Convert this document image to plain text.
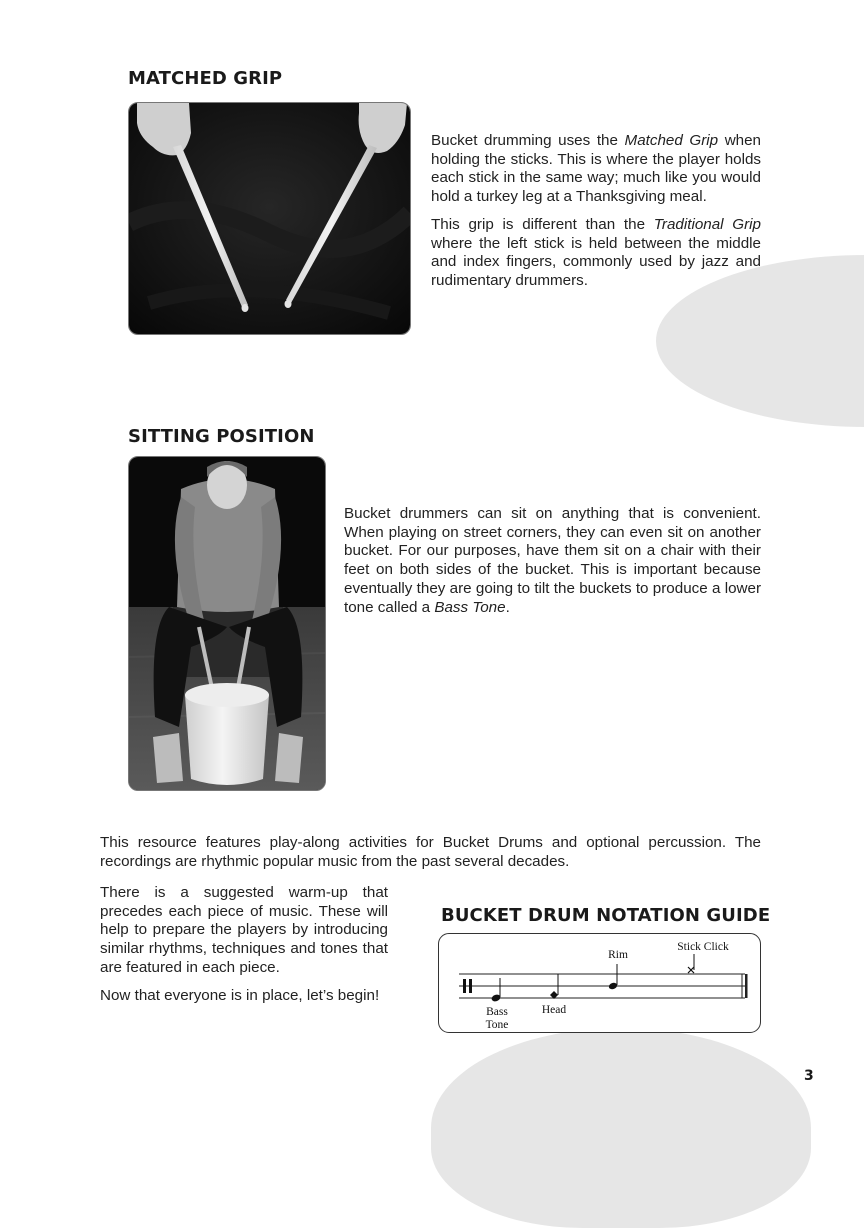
MATCHED GRIP

Bucket drumming uses the Matched Grip when holding the sticks. This is where the player holds each stick in the same way; much like you would hold a turkey leg at a Thanksgiving meal.

This grip is different than the Traditional Grip where the left stick is held between the middle and index fingers, commonly used by jazz and rudimentary drummers.

SITTING POSITION

Bucket drummers can sit on anything that is convenient. When playing on street corners, they can even sit on another bucket. For our purposes, have them sit on a chair with their feet on both sides of the bucket. This is important because eventually they are going to tilt the buckets to produce a lower tone called a Bass Tone.

This resource features play-along activities for Bucket Drums and optional percussion. The recordings are rhythmic popular music from the past several decades.

There is a suggested warm-up that precedes each piece of music. These will help to prepare the players by introducing similar rhythms, techniques and tones that are featured in each piece.

Now that everyone is in place, let’s begin!

BUCKET DRUM NOTATION GUIDE
Bass
Tone
Head
Rim
Stick Click
3
